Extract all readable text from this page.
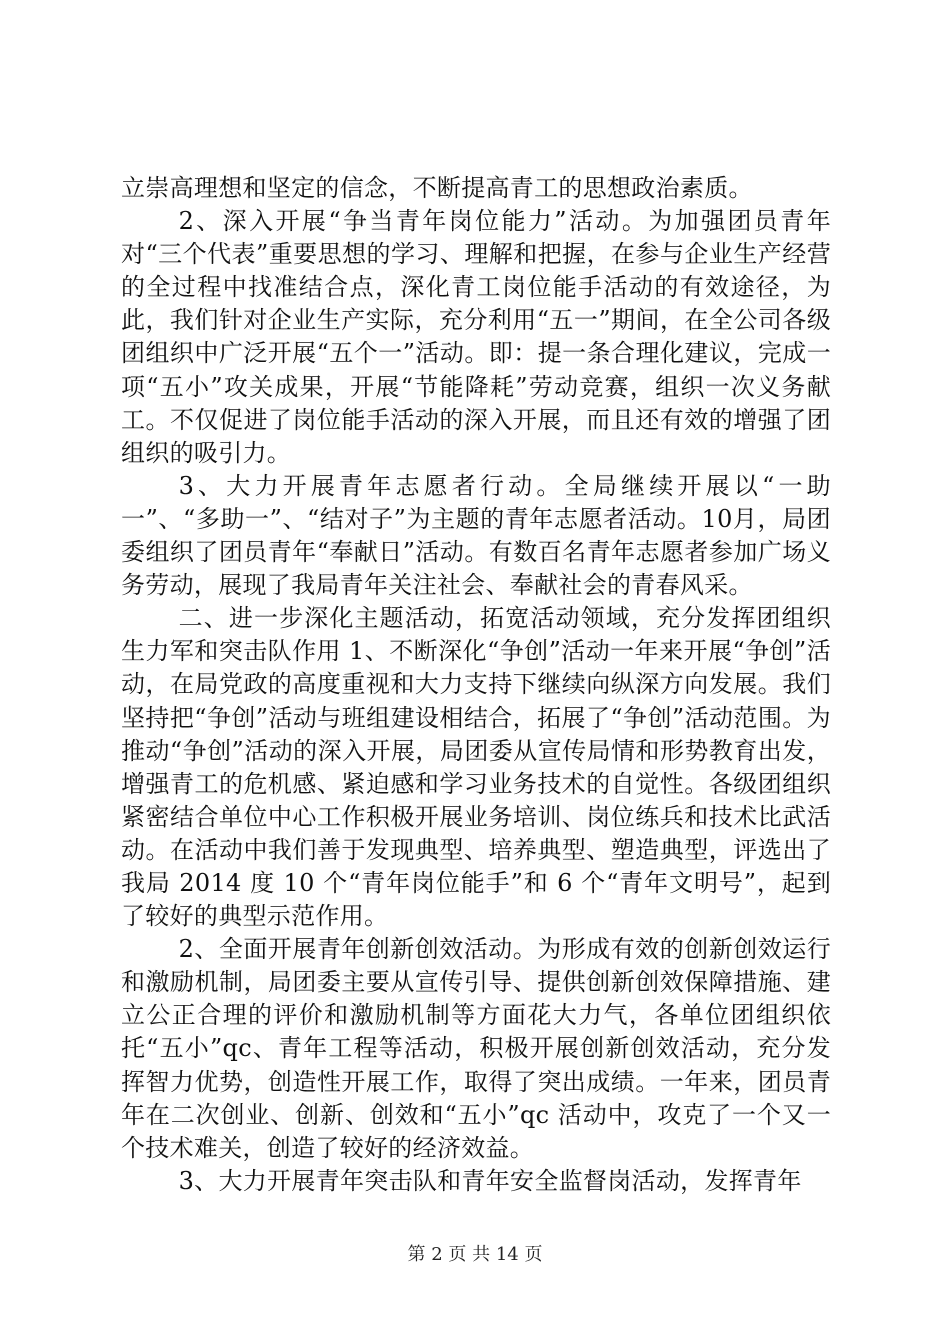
立崇高理想和坚定的信念，不断提高青工的思想政治素质。

2、深入开展“争当青年岗位能力”活动。为加强团员青年对“三个代表”重要思想的学习、理解和把握，在参与企业生产经营的全过程中找准结合点，深化青工岗位能手活动的有效途径，为此，我们针对企业生产实际，充分利用“五一”期间，在全公司各级团组织中广泛开展“五个一”活动。即：提一条合理化建议，完成一项“五小”攻关成果，开展“节能降耗”劳动竞赛，组织一次义务献工。不仅促进了岗位能手活动的深入开展，而且还有效的增强了团组织的吸引力。

3、大力开展青年志愿者行动。全局继续开展以“一助一”、“多助一”、“结对子”为主题的青年志愿者活动。10月，局团委组织了团员青年“奉献日”活动。有数百名青年志愿者参加广场义务劳动，展现了我局青年关注社会、奉献社会的青春风采。

二、进一步深化主题活动，拓宽活动领域，充分发挥团组织生力军和突击队作用 1、不断深化“争创”活动一年来开展“争创”活动，在局党政的高度重视和大力支持下继续向纵深方向发展。我们坚持把“争创”活动与班组建设相结合，拓展了“争创”活动范围。为推动“争创”活动的深入开展，局团委从宣传局情和形势教育出发，增强青工的危机感、紧迫感和学习业务技术的自觉性。各级团组织紧密结合单位中心工作积极开展业务培训、岗位练兵和技术比武活动。在活动中我们善于发现典型、培养典型、塑造典型，评选出了我局 2014 度 10 个“青年岗位能手”和 6 个“青年文明号”，起到了较好的典型示范作用。

2、全面开展青年创新创效活动。为形成有效的创新创效运行和激励机制，局团委主要从宣传引导、提供创新创效保障措施、建立公正合理的评价和激励机制等方面花大力气，各单位团组织依托“五小”qc、青年工程等活动，积极开展创新创效活动，充分发挥智力优势，创造性开展工作，取得了突出成绩。一年来，团员青年在二次创业、创新、创效和“五小”qc 活动中，攻克了一个又一个技术难关，创造了较好的经济效益。

3、大力开展青年突击队和青年安全监督岗活动，发挥青年

第 2 页 共 14 页
